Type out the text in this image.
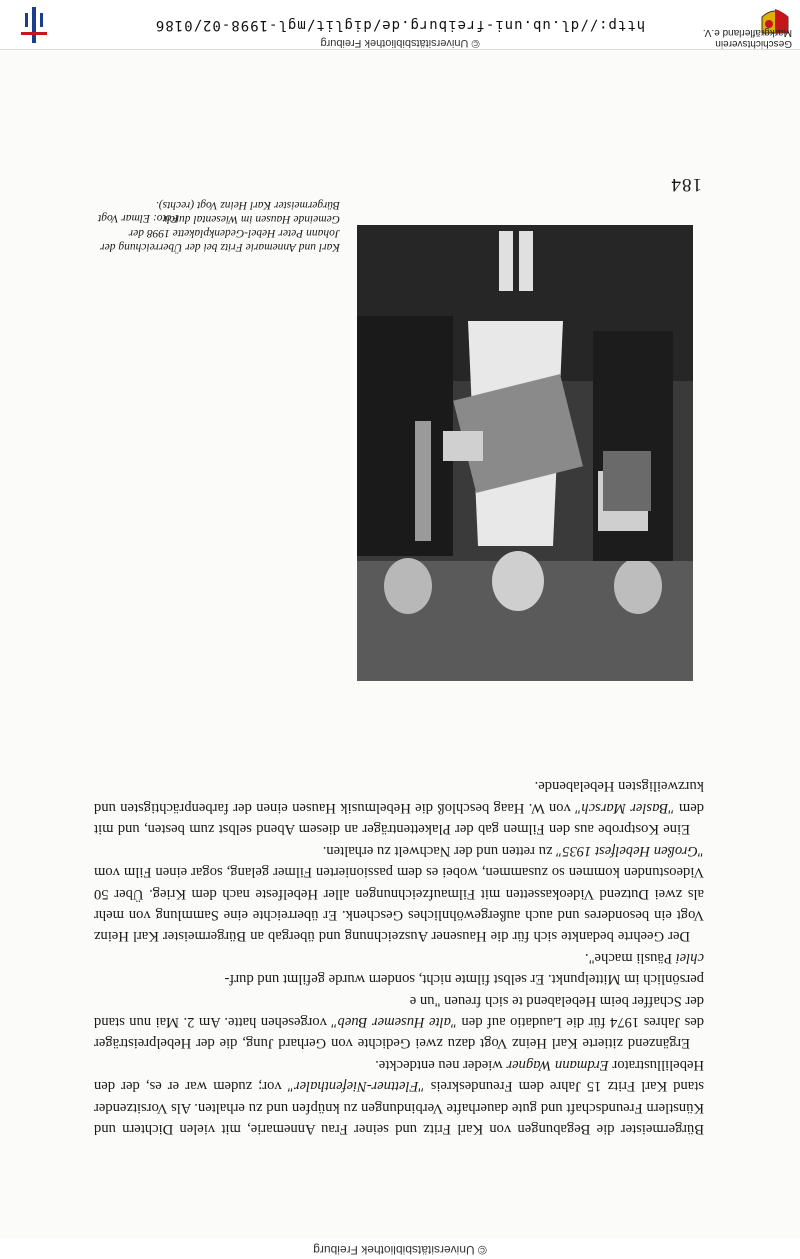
© Universitätsbibliothek Freiburg

Bürgermeister die Begabungen von Karl Fritz und seiner Frau Annemarie, mit vielen Dichtern und Künstlern Freundschaft und gute dauerhafte Verbindungen zu knüpfen und zu erhalten. Als Vorsitzender stand Karl Fritz 15 Jahre dem Freundeskreis "Flettner-Niefenthaler" vor; zudem war er es, der den Hebelillustrator Erdmann Wagner wieder neu entdeckte.

Ergänzend zitierte Karl Heinz Vogt dazu zwei Gedichte von Gerhard Jung, die der Hebelpreisträger des Jahres 1974 für die Laudatio auf den "alte Husemer Bueb" vorgesehen hatte. Am 2. Mai nun stand der Schaffer beim Hebelabend te sich freuen "un e

persönlich im Mittelpunkt. Er selbst filmte nicht, sondern wurde gefilmt und durf-

chlei Päusli mache".

Der Geehrte bedankte sich für die Hausener Auszeichnung und übergab an Bürgermeister Karl Heinz Vogt ein besonderes und auch außergewöhnliches Geschenk. Er überreichte eine Sammlung von mehr als zwei Dutzend Videokassetten mit Filmaufzeichnungen aller Hebelfeste nach dem Krieg. Über 50 Videostunden kommen so zusammen, wobei es dem passionierten Filmer gelang, sogar einen Film vom "Großen Hebelfest 1935" zu retten und der Nachwelt zu erhalten.

Eine Kostprobe aus den Filmen gab der Plakettenträger an diesem Abend selbst zum besten, und mit dem "Basler Marsch" von W. Haag beschloß die Hebelmusik Hausen einen der farbenprächtigsten und kurzweiligsten Hebelabende.

Karl und Annemarie Fritz bei der Überreichung der Johann Peter Hebel-Gedenkplakette 1998 der Gemeinde Hausen im Wiesental durch Bürgermeister Karl Heinz Vogt (rechts).
Foto: Elmar Vogt
184
© Universitätsbibliothek Freiburg
http://dl.ub.uni-freiburg.de/diglit/mgl-1998-02/0186
Geschichtsverein Markgräflerland e.V.
